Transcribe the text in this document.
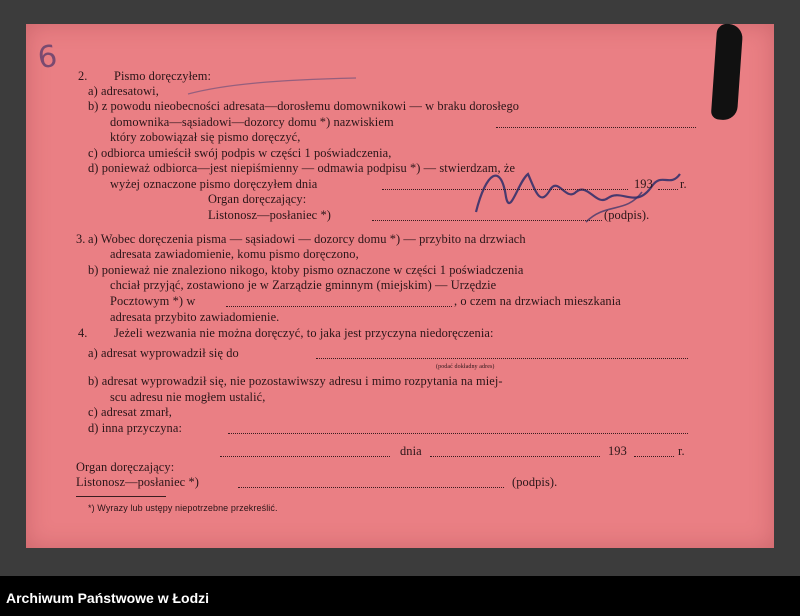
6 2. Pismo doręczyłem:
a) adresatowi,
b) z powodu nieobecności adresata—dorosłemu domownikowi — w braku dorosłego
domownika—sąsiadowi—dozorcy domu *) nazwiskiem
który zobowiązał się pismo doręczyć,
c) odbiorca umieścił swój podpis w części 1 poświadczenia,
d) ponieważ odbiorca—jest niepiśmienny — odmawia podpisu *) — stwierdzam, że
wyżej oznaczone pismo doręczyłem dnia	193 r.
Organ doręczający:
Listonosz—posłaniec *)	(podpis).
3. a) Wobec doręczenia pisma — sąsiadowi — dozorcy domu *) — przybito na drzwiach
adresata zawiadomienie, komu pismo doręczono,
b) ponieważ nie znaleziono nikogo, ktoby pismo oznaczone w części 1 poświadczenia
chciał przyjąć, zostawiono je w Zarządzie gminnym (miejskim) — Urzędzie
Pocztowym *) w	, o czem na drzwiach mieszkania
adresata przybito zawiadomienie.
4. Jeżeli wezwania nie można doręczyć, to jaka jest przyczyna niedoręczenia:
a) adresat wyprowadził się do
(podać dokładny adres)
b) adresat wyprowadził się, nie pozostawiwszy adresu i mimo rozpytania na miej-
scu adresu nie mogłem ustalić,
c) adresat zmarł,
d) inna przyczyna:
dnia	193	r.
Organ doręczający:
Listonosz—posłaniec *)	(podpis).
*) Wyrazy lub ustępy niepotrzebne przekreślić.
Archiwum Państwowe w Łodzi
